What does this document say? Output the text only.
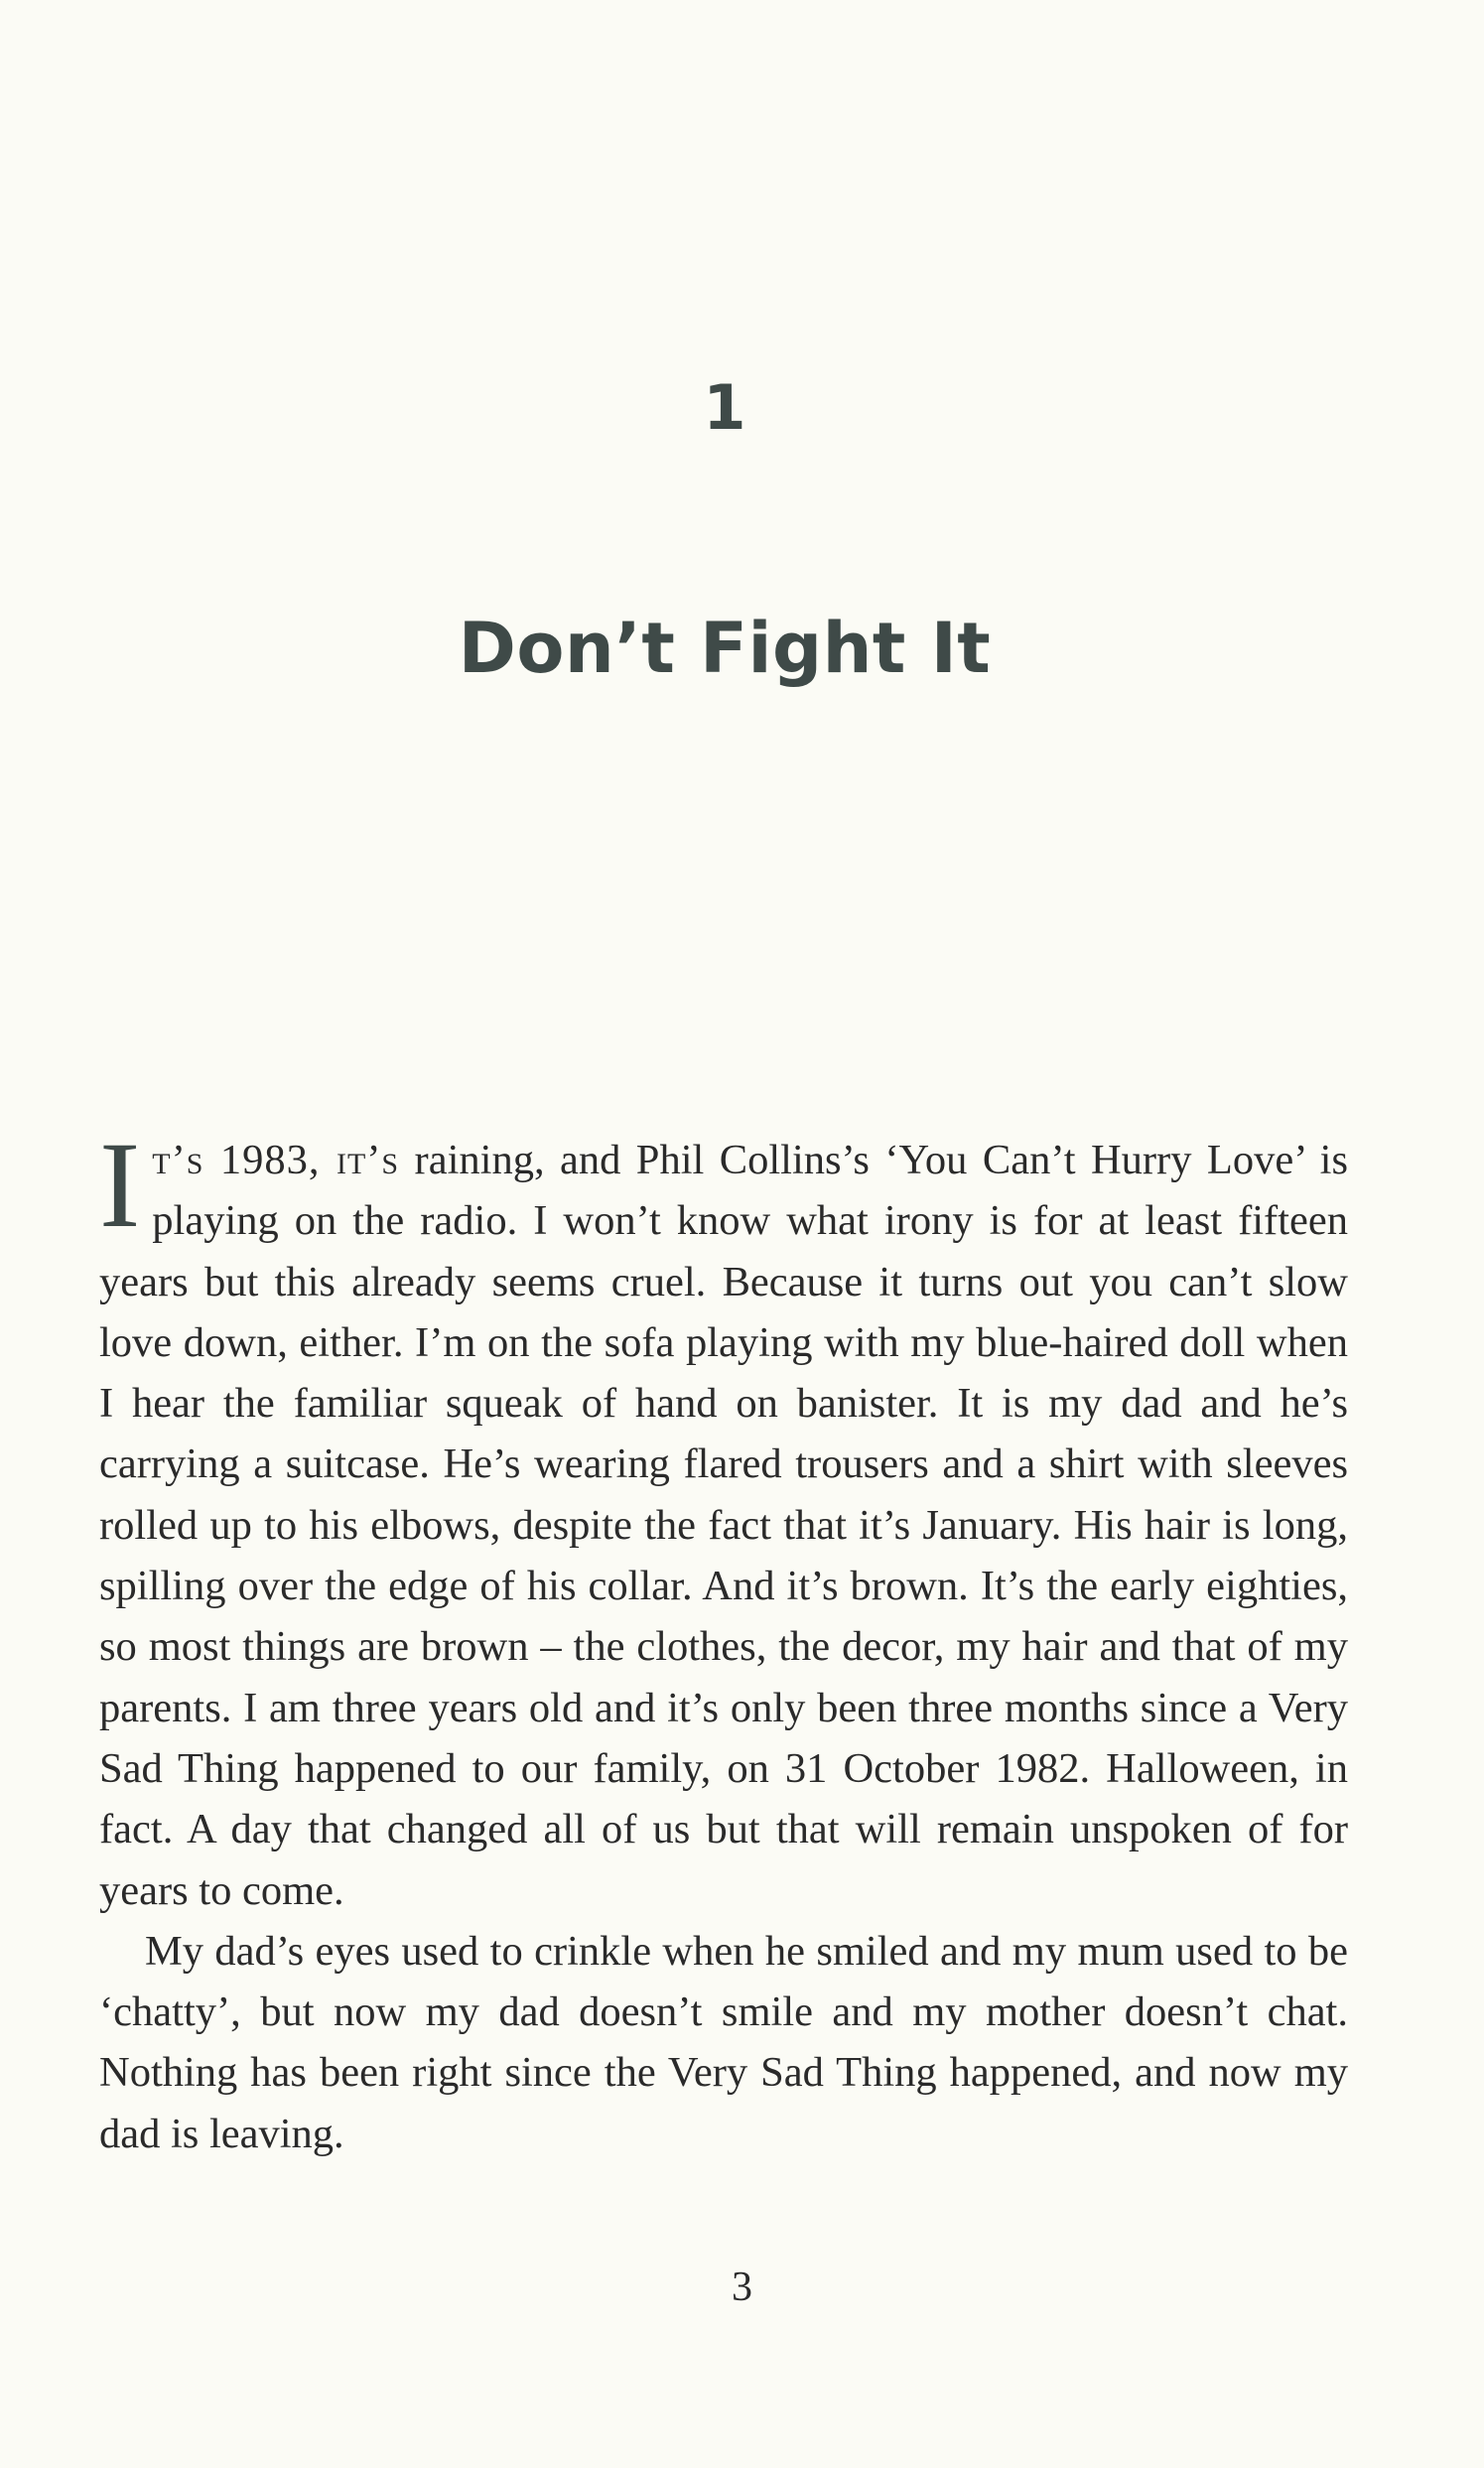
1
Don’t Fight It

It’s 1983, it’s raining, and Phil Collins’s ‘You Can’t Hurry Love’ is playing on the radio. I won’t know what irony is for at least fifteen years but this already seems cruel. Because it turns out you can’t slow love down, either. I’m on the sofa playing with my blue-haired doll when I hear the familiar squeak of hand on banister. It is my dad and he’s carrying a suitcase. He’s wearing flared trousers and a shirt with sleeves rolled up to his elbows, despite the fact that it’s January. His hair is long, spilling over the edge of his collar. And it’s brown. It’s the early eighties, so most things are brown – the clothes, the decor, my hair and that of my parents. I am three years old and it’s only been three months since a Very Sad Thing happened to our family, on 31 October 1982. Halloween, in fact. A day that changed all of us but that will remain unspoken of for years to come.

My dad’s eyes used to crinkle when he smiled and my mum used to be ‘chatty’, but now my dad doesn’t smile and my mother doesn’t chat. Nothing has been right since the Very Sad Thing happened, and now my dad is leaving.

3
